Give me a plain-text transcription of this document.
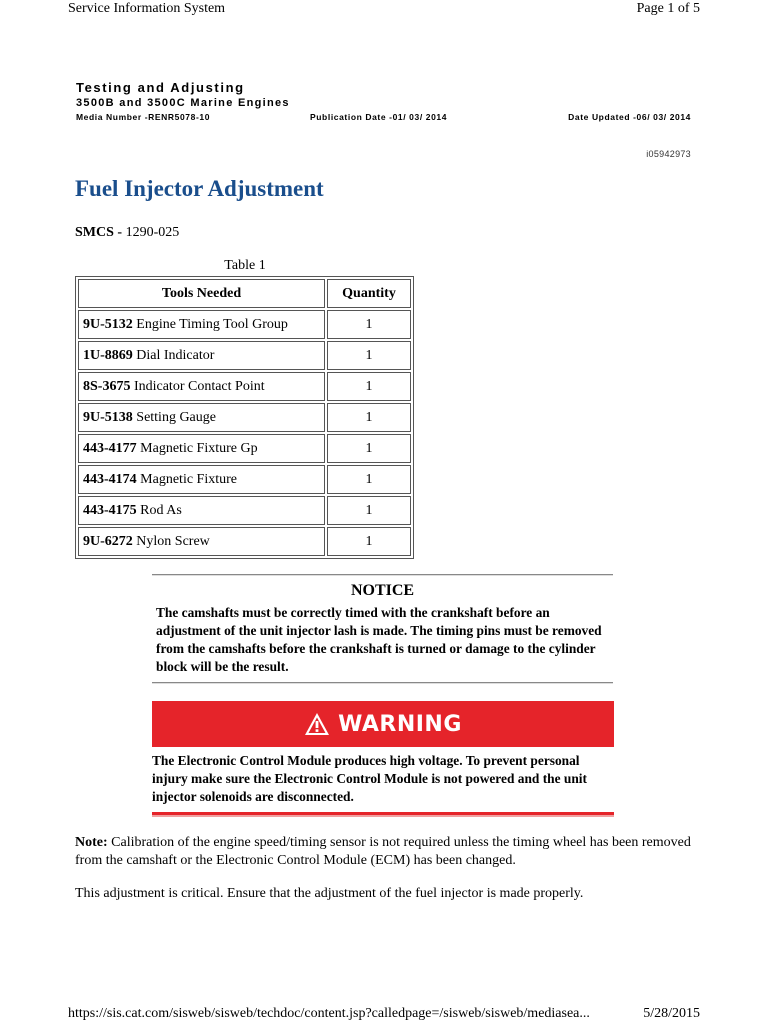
Service Information System	Page 1 of 5
Testing and Adjusting
3500B and 3500C Marine Engines
Media Number -RENR5078-10	Publication Date -01/ 03/ 2014	Date Updated -06/ 03/ 2014
i05942973
Fuel Injector Adjustment
SMCS - 1290-025
Table 1
Tools Needed	Quantity
9U-5132 Engine Timing Tool Group	1
1U-8869 Dial Indicator	1
8S-3675 Indicator Contact Point	1
9U-5138 Setting Gauge	1
443-4177 Magnetic Fixture Gp	1
443-4174 Magnetic Fixture	1
443-4175 Rod As	1
9U-6272 Nylon Screw	1
NOTICE
The camshafts must be correctly timed with the crankshaft before an adjustment of the unit injector lash is made. The timing pins must be removed from the camshafts before the crankshaft is turned or damage to the cylinder block will be the result.
WARNING
The Electronic Control Module produces high voltage. To prevent personal injury make sure the Electronic Control Module is not powered and the unit injector solenoids are disconnected.
Note: Calibration of the engine speed/timing sensor is not required unless the timing wheel has been removed from the camshaft or the Electronic Control Module (ECM) has been changed.
This adjustment is critical. Ensure that the adjustment of the fuel injector is made properly.
https://sis.cat.com/sisweb/sisweb/techdoc/content.jsp?calledpage=/sisweb/sisweb/mediasea...	5/28/2015
